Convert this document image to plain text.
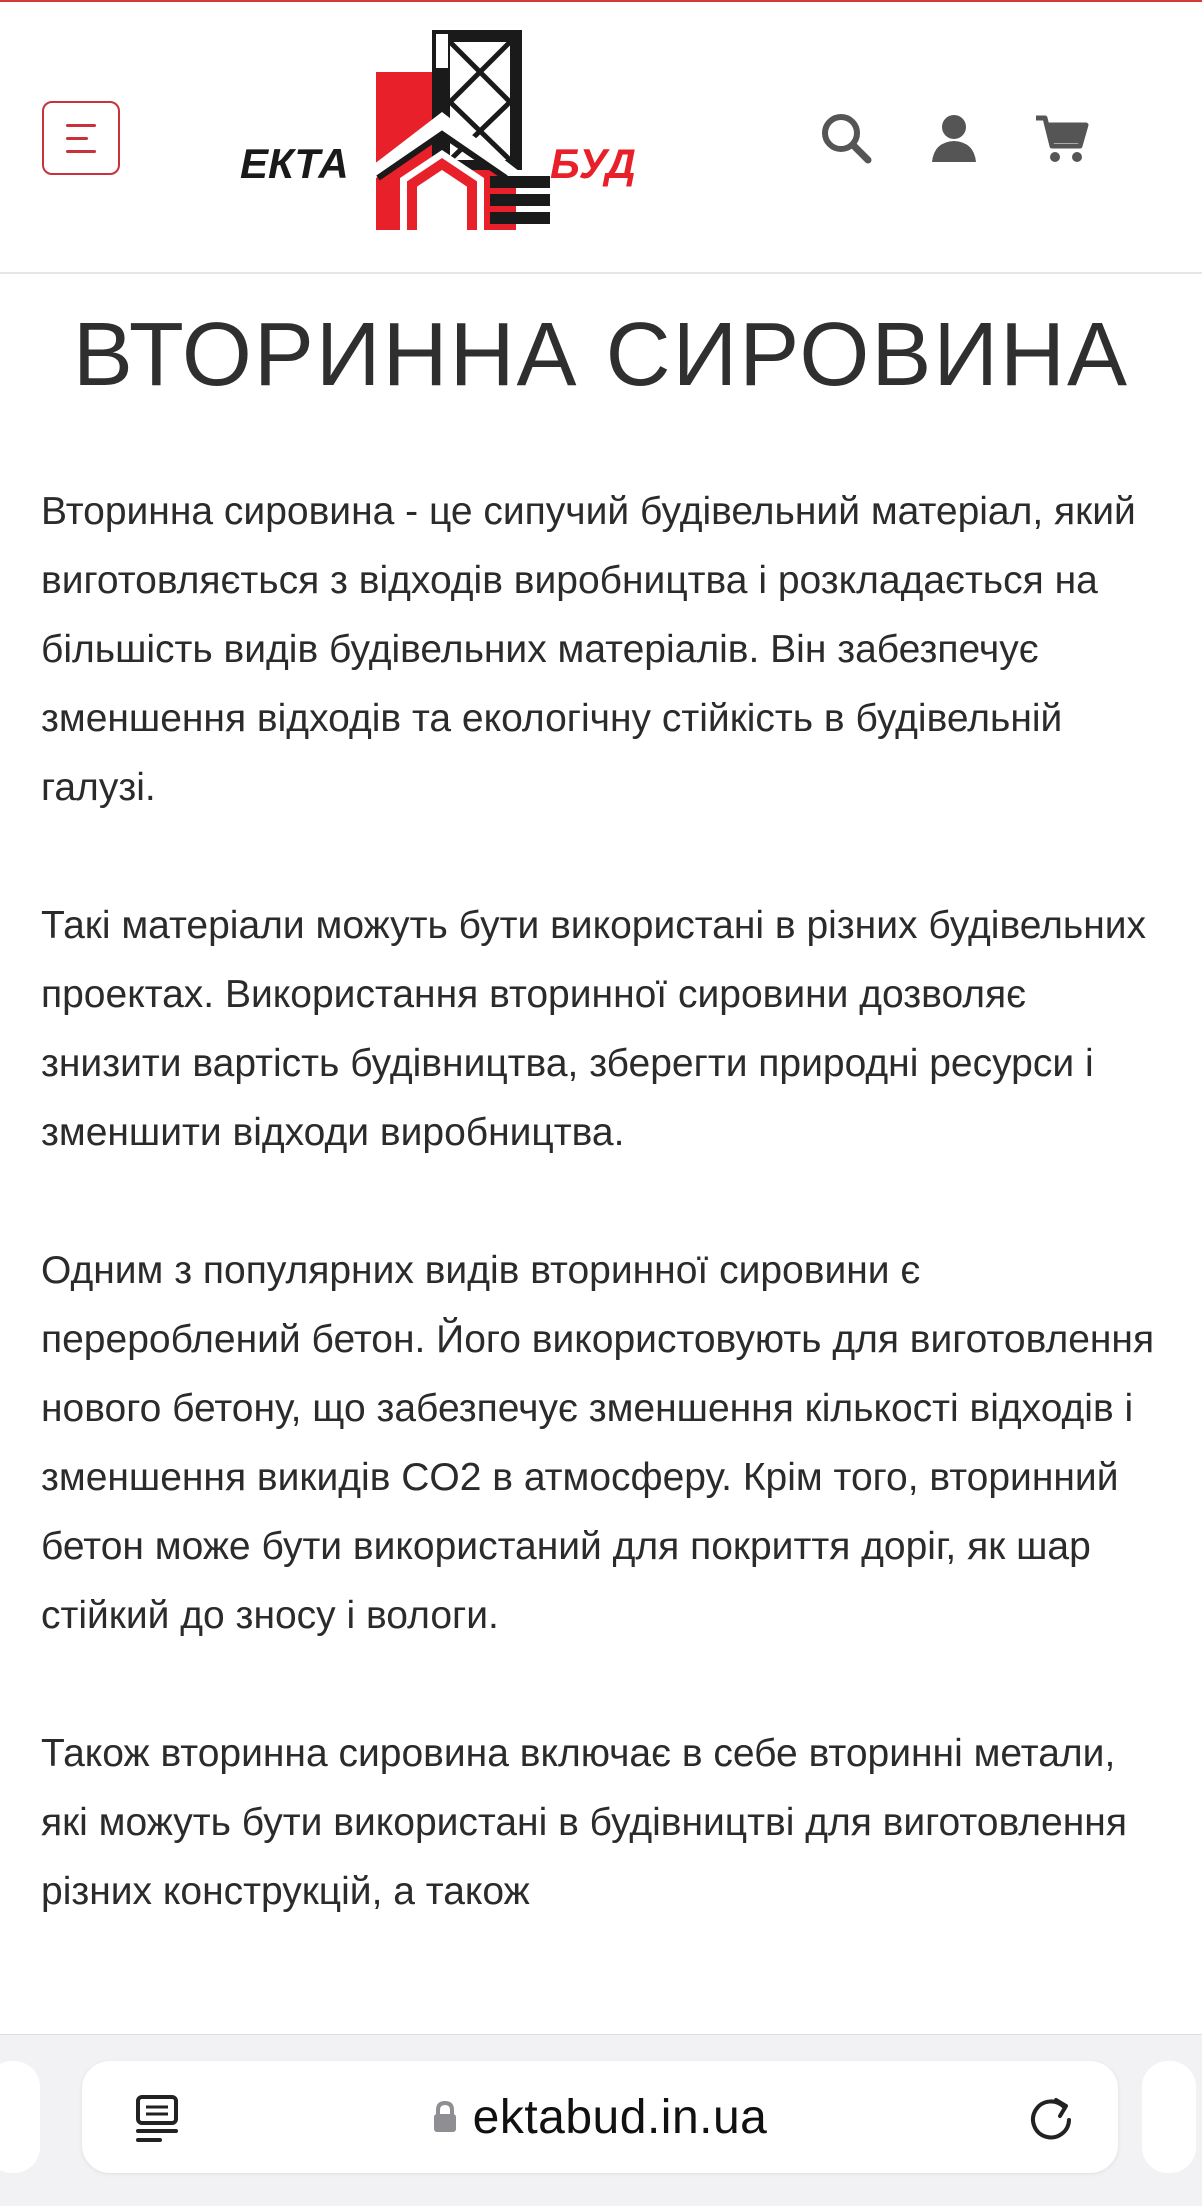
ЕКТА	БУД
ВТОРИННА СИРОВИНА

Вторинна сировина - це сипучий будівельний матеріал, який виготовляється з відходів виробництва і розкладається на більшість видів будівельних матеріалів. Він забезпечує зменшення відходів та екологічну стійкість в будівельній галузі.

Такі матеріали можуть бути використані в різних будівельних проектах. Використання вторинної сировини дозволяє знизити вартість будівництва, зберегти природні ресурси і зменшити відходи виробництва.

Одним з популярних видів вторинної сировини є перероблений бетон. Його використовують для виготовлення нового бетону, що забезпечує зменшення кількості відходів і зменшення викидів CO2 в атмосферу. Крім того, вторинний бетон може бути використаний для покриття доріг, як шар стійкий до зносу і вологи.

Також вторинна сировина включає в себе вторинні метали, які можуть бути використані в будівництві для виготовлення різних конструкцій, а також

ektabud.in.ua
